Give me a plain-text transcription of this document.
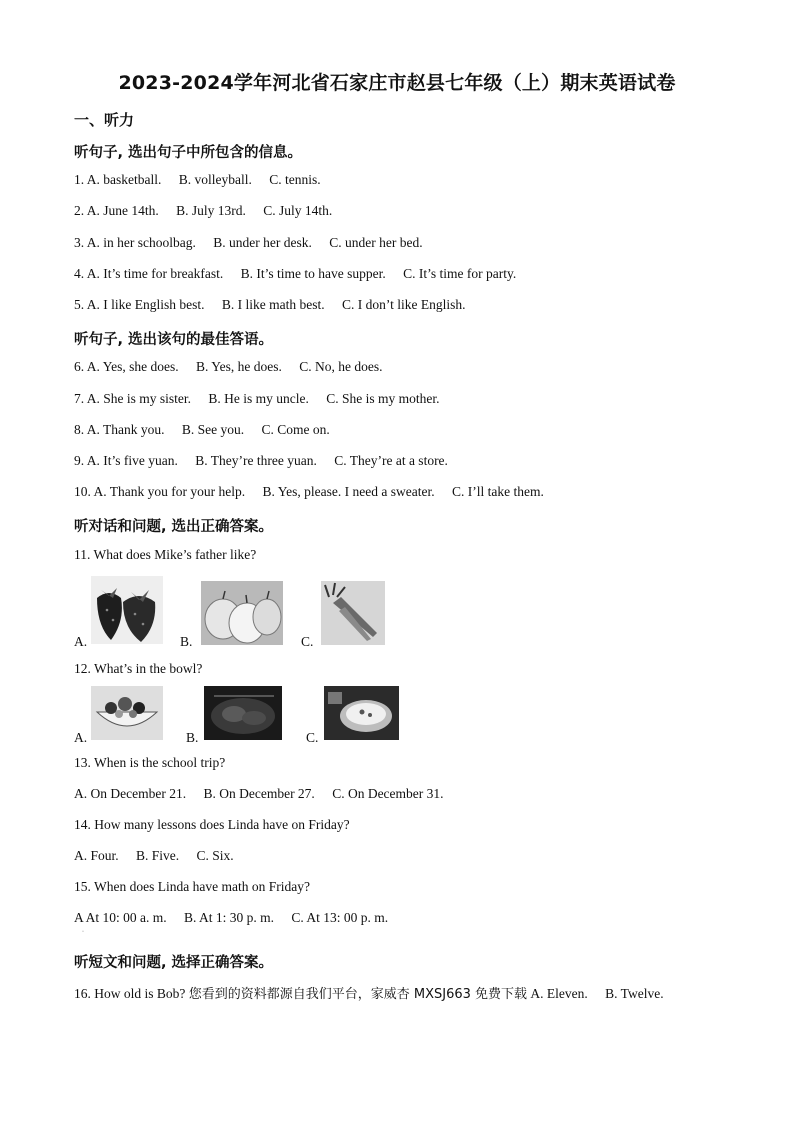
2023-2024学年河北省石家庄市赵县七年级（上）期末英语试卷
一、听力
听句子, 选出句子中所包含的信息。
1. A. basketball. B. volleyball. C. tennis.
2. A. June 14th. B. July 13rd. C. July 14th.
3. A. in her schoolbag. B. under her desk. C. under her bed.
4. A. It’s time for breakfast. B. It’s time to have supper. C. It’s time for party.
5. A. I like English best. B. I like math best. C. I don’t like English.
听句子, 选出该句的最佳答语。
6. A. Yes, she does. B. Yes, he does. C. No, he does.
7. A. She is my sister. B. He is my uncle. C. She is my mother.
8. A. Thank you. B. See you. C. Come on.
9. A. It’s five yuan. B. They’re three yuan. C. They’re at a store.
10. A. Thank you for your help. B. Yes, please. I need a sweater. C. I’ll take them.
听对话和问题, 选出正确答案。
11. What does Mike’s father like?
A.	B.	C.
12. What’s in the bowl?
A.	B.	C.
13. When is the school trip?
A. On December 21. B. On December 27. C. On December 31.
14. How many lessons does Linda have on Friday?
A. Four. B. Five. C. Six.
15. When does Linda have math on Friday?
A At 10: 00 a. m. B. At 1: 30 p. m. C. At 13: 00 p. m.
·
听短文和问题, 选择正确答案。
16. How old is Bob? 您看到的资料都源自我们平台，家威杏 MXSJ663 免费下载 A. Eleven. B. Twelve.
